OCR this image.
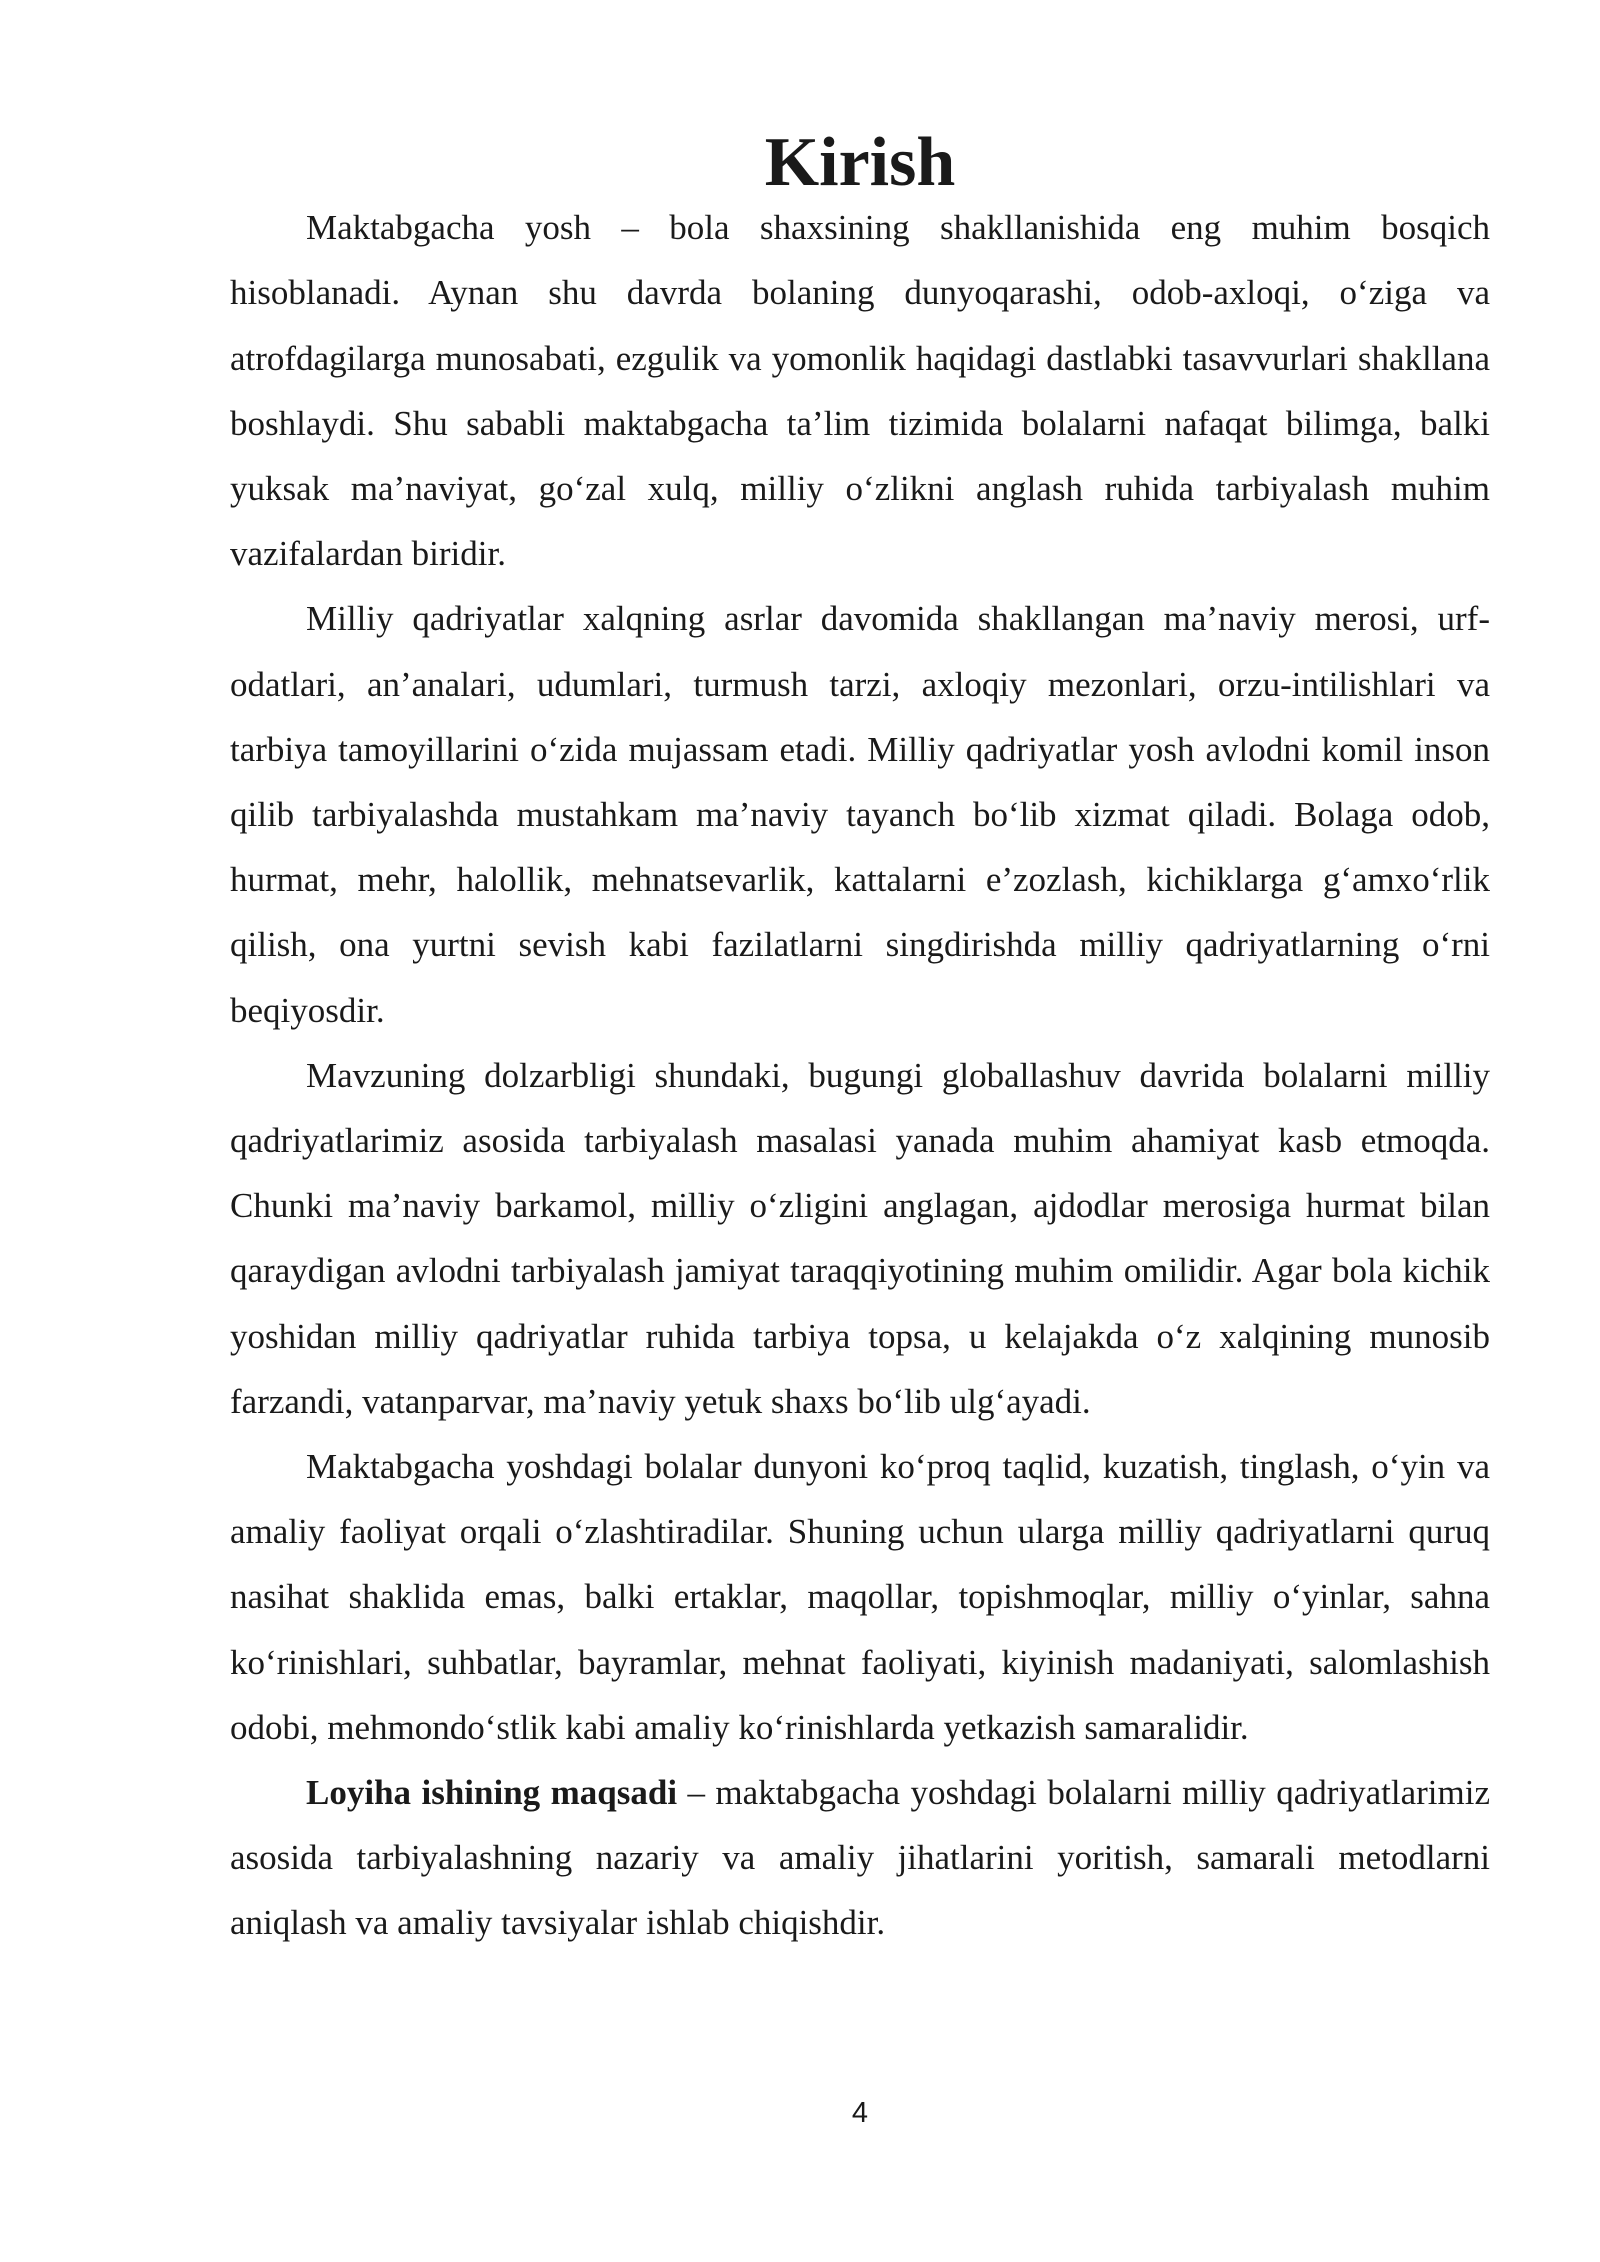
Kirish

Maktabgacha yosh – bola shaxsining shakllanishida eng muhim bosqich hisoblanadi. Aynan shu davrda bolaning dunyoqarashi, odob-axloqi, o‘ziga va atrofdagilarga munosabati, ezgulik va yomonlik haqidagi dastlabki tasavvurlari shakllana boshlaydi. Shu sababli maktabgacha ta’lim tizimida bolalarni nafaqat bilimga, balki yuksak ma’naviyat, go‘zal xulq, milliy o‘zlikni anglash ruhida tarbiyalash muhim vazifalardan biridir.

Milliy qadriyatlar xalqning asrlar davomida shakllangan ma’naviy merosi, urf-odatlari, an’analari, udumlari, turmush tarzi, axloqiy mezonlari, orzu-intilishlari va tarbiya tamoyillarini o‘zida mujassam etadi. Milliy qadriyatlar yosh avlodni komil inson qilib tarbiyalashda mustahkam ma’naviy tayanch bo‘lib xizmat qiladi. Bolaga odob, hurmat, mehr, halollik, mehnatsevarlik, kattalarni e’zozlash, kichiklarga g‘amxo‘rlik qilish, ona yurtni sevish kabi fazilatlarni singdirishda milliy qadriyatlarning o‘rni beqiyosdir.

Mavzuning dolzarbligi shundaki, bugungi globallashuv davrida bolalarni milliy qadriyatlarimiz asosida tarbiyalash masalasi yanada muhim ahamiyat kasb etmoqda. Chunki ma’naviy barkamol, milliy o‘zligini anglagan, ajdodlar merosiga hurmat bilan qaraydigan avlodni tarbiyalash jamiyat taraqqiyotining muhim omilidir. Agar bola kichik yoshidan milliy qadriyatlar ruhida tarbiya topsa, u kelajakda o‘z xalqining munosib farzandi, vatanparvar, ma’naviy yetuk shaxs bo‘lib ulg‘ayadi.

Maktabgacha yoshdagi bolalar dunyoni ko‘proq taqlid, kuzatish, tinglash, o‘yin va amaliy faoliyat orqali o‘zlashtiradilar. Shuning uchun ularga milliy qadriyatlarni quruq nasihat shaklida emas, balki ertaklar, maqollar, topishmoqlar, milliy o‘yinlar, sahna ko‘rinishlari, suhbatlar, bayramlar, mehnat faoliyati, kiyinish madaniyati, salomlashish odobi, mehmondo‘stlik kabi amaliy ko‘rinishlarda yetkazish samaralidir.

Loyiha ishining maqsadi – maktabgacha yoshdagi bolalarni milliy qadriyatlarimiz asosida tarbiyalashning nazariy va amaliy jihatlarini yoritish, samarali metodlarni aniqlash va amaliy tavsiyalar ishlab chiqishdir.

4
